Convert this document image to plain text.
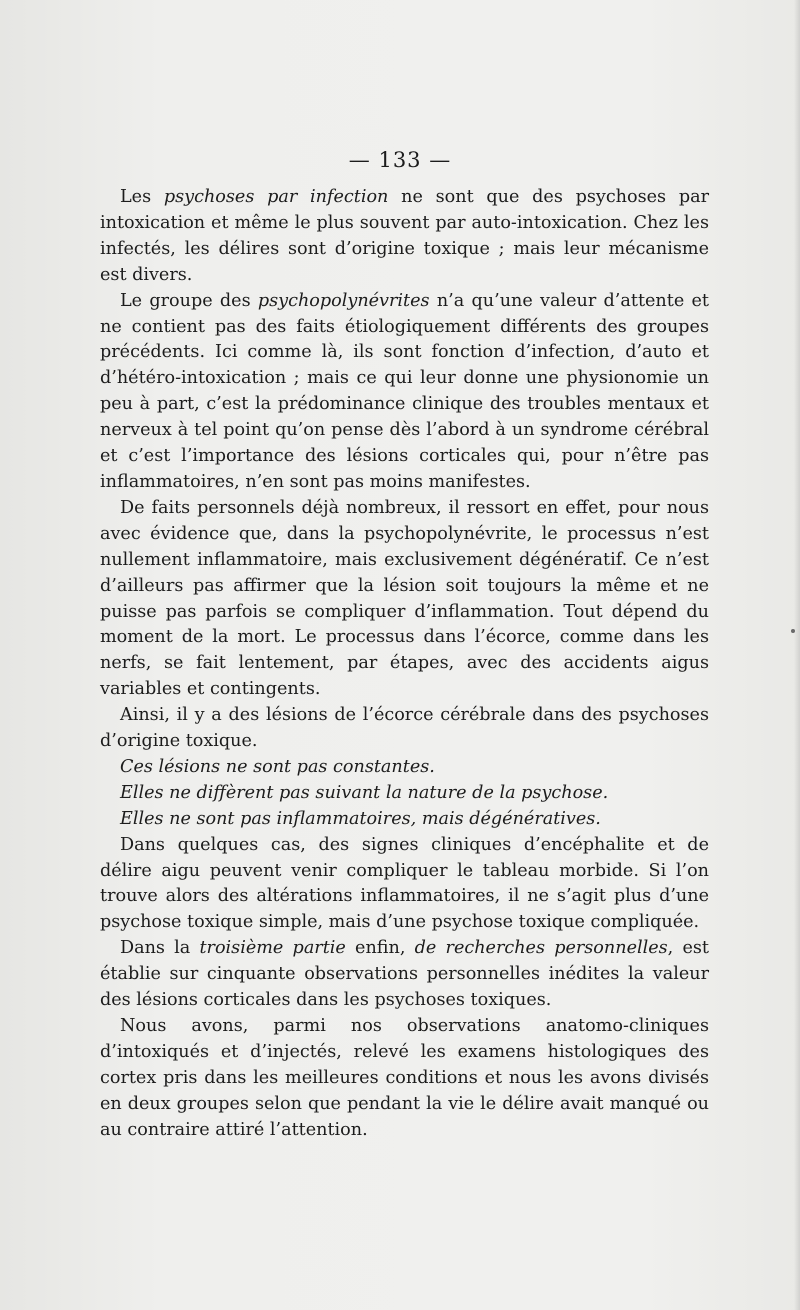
— 133 —

Les psychoses par infection ne sont que des psychoses par intoxication et même le plus souvent par auto-intoxication. Chez les infectés, les délires sont d’origine toxique ; mais leur mécanisme est divers.

Le groupe des psychopolynévrites n’a qu’une valeur d’attente et ne contient pas des faits étiologiquement différents des groupes précédents. Ici comme là, ils sont fonction d’infection, d’auto et d’hétéro-intoxication ; mais ce qui leur donne une physionomie un peu à part, c’est la prédominance clinique des troubles mentaux et nerveux à tel point qu’on pense dès l’abord à un syndrome cérébral et c’est l’importance des lésions corticales qui, pour n’être pas inflammatoires, n’en sont pas moins manifestes.

De faits personnels déjà nombreux, il ressort en effet, pour nous avec évidence que, dans la psychopolynévrite, le processus n’est nullement inflammatoire, mais exclusivement dégénératif. Ce n’est d’ailleurs pas affirmer que la lésion soit toujours la même et ne puisse pas parfois se compliquer d’inflammation. Tout dépend du moment de la mort. Le processus dans l’écorce, comme dans les nerfs, se fait lentement, par étapes, avec des accidents aigus variables et contingents.

Ainsi, il y a des lésions de l’écorce cérébrale dans des psychoses d’origine toxique.

Ces lésions ne sont pas constantes.

Elles ne diffèrent pas suivant la nature de la psychose.

Elles ne sont pas inflammatoires, mais dégénératives.

Dans quelques cas, des signes cliniques d’encéphalite et de délire aigu peuvent venir compliquer le tableau morbide. Si l’on trouve alors des altérations inflammatoires, il ne s’agit plus d’une psychose toxique simple, mais d’une psychose toxique compliquée.

Dans la troisième partie enfin, de recherches personnelles, est établie sur cinquante observations personnelles inédites la valeur des lésions corticales dans les psychoses toxiques.

Nous avons, parmi nos observations anatomo-cliniques d’intoxiqués et d’injectés, relevé les examens histologiques des cortex pris dans les meilleures conditions et nous les avons divisés en deux groupes selon que pendant la vie le délire avait manqué ou au contraire attiré l’attention.
